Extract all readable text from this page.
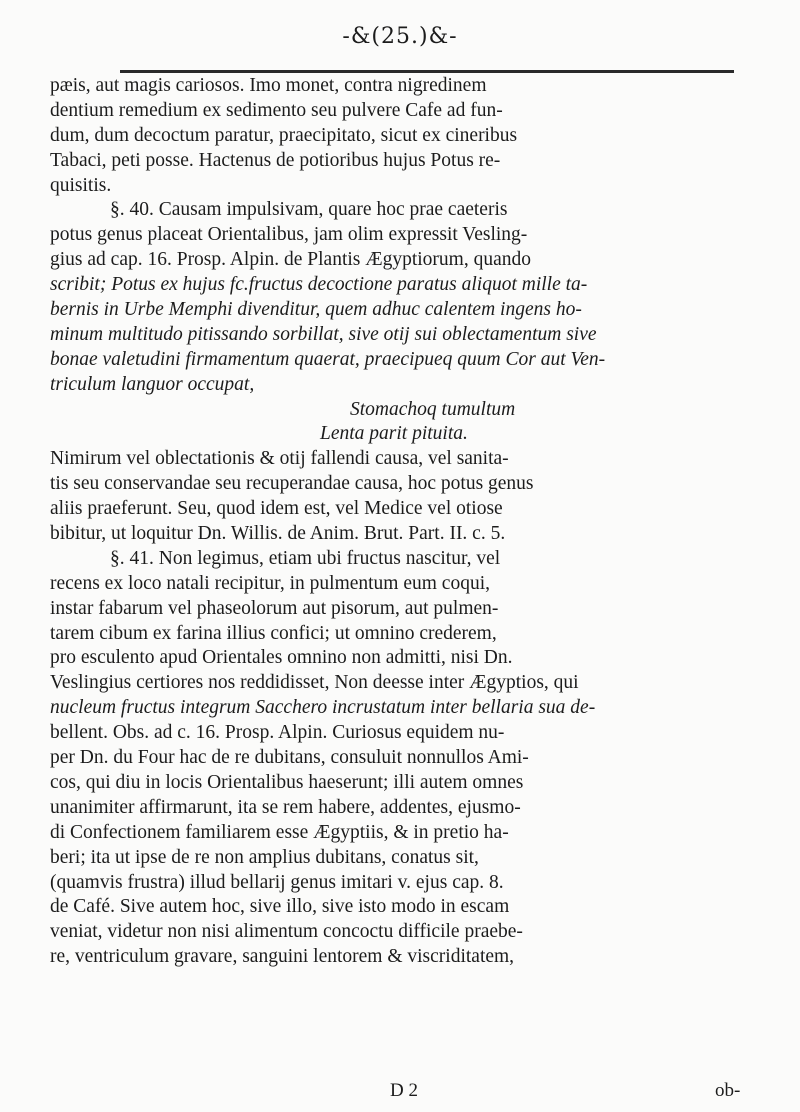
-&(25.)&-
pæis, aut magis cariosos. Imo monet, contra nigredinem
dentium remedium ex sedimento seu pulvere Cafe ad fun-
dum, dum decoctum paratur, praecipitato, sicut ex cineribus
Tabaci, peti posse. Hactenus de potioribus hujus Potus re-
quisitis.
§. 40. Causam impulsivam, quare hoc prae caeteris
potus genus placeat Orientalibus, jam olim expressit Vesling-
gius ad cap. 16. Prosp. Alpin. de Plantis Ægyptiorum, quando
scribit; Potus ex hujus fc.fructus decoctione paratus aliquot mille ta-
bernis in Urbe Memphi divenditur, quem adhuc calentem ingens ho-
minum multitudo pitissando sorbillat, sive otij sui oblectamentum sive
bonae valetudini firmamentum quaerat, praecipueq quum Cor aut Ven-
triculum languor occupat,
Stomachoq tumultum
Lenta parit pituita.
Nimirum vel oblectationis & otij fallendi causa, vel sanita-
tis seu conservandae seu recuperandae causa, hoc potus genus
aliis praeferunt. Seu, quod idem est, vel Medice vel otiose
bibitur, ut loquitur Dn. Willis. de Anim. Brut. Part. II. c. 5.
§. 41. Non legimus, etiam ubi fructus nascitur, vel
recens ex loco natali recipitur, in pulmentum eum coqui,
instar fabarum vel phaseolorum aut pisorum, aut pulmen-
tarem cibum ex farina illius confici; ut omnino crederem,
pro esculento apud Orientales omnino non admitti, nisi Dn.
Veslingius certiores nos reddidisset, Non deesse inter Ægyptios, qui
nucleum fructus integrum Sacchero incrustatum inter bellaria sua de-
bellent. Obs. ad c. 16. Prosp. Alpin. Curiosus equidem nu-
per Dn. du Four hac de re dubitans, consuluit nonnullos Ami-
cos, qui diu in locis Orientalibus haeserunt; illi autem omnes
unanimiter affirmarunt, ita se rem habere, addentes, ejusmo-
di Confectionem familiarem esse Ægyptiis, & in pretio ha-
beri; ita ut ipse de re non amplius dubitans, conatus sit,
(quamvis frustra) illud bellarij genus imitari v. ejus cap. 8.
de Café. Sive autem hoc, sive illo, sive isto modo in escam
veniat, videtur non nisi alimentum concoctu difficile praebe-
re, ventriculum gravare, sanguini lentorem & viscriditatem,
D 2	ob-
